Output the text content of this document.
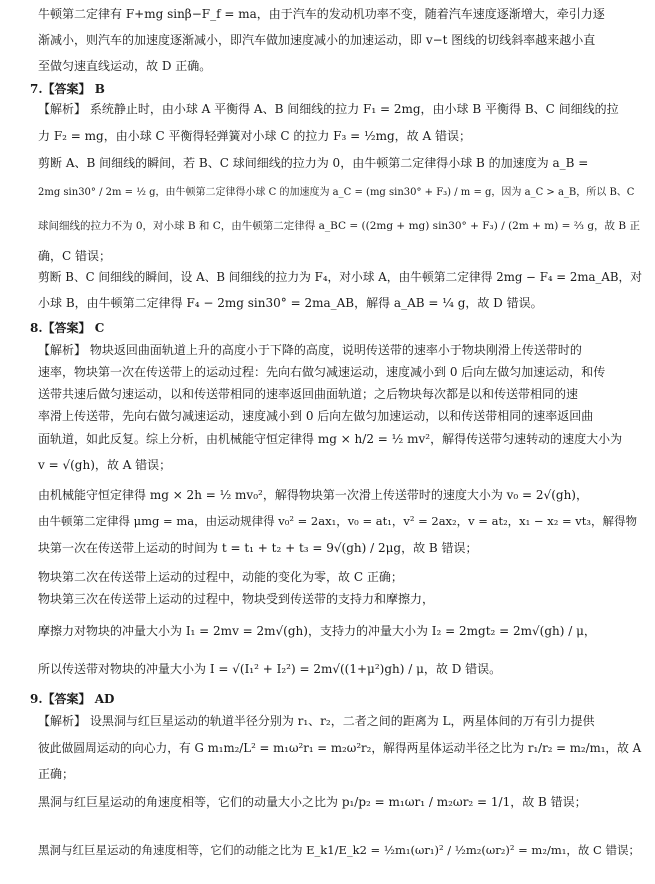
牛顿第二定律有 F+mg sinβ−F_f = ma，由于汽车的发动机功率不变，随着汽车速度逐渐增大，牵引力逐
渐减小，则汽车的加速度逐渐减小，即汽车做加速度减小的加速运动，即 v−t 图线的切线斜率越来越小直
至做匀速直线运动，故 D 正确。
7.【答案】 B
【解析】 系统静止时，由小球 A 平衡得 A、B 间细线的拉力 F₁ = 2mg，由小球 B 平衡得 B、C 间细线的拉
力 F₂ = mg，由小球 C 平衡得轻弹簧对小球 C 的拉力 F₃ = ½mg，故 A 错误；
剪断 A、B 间细线的瞬间，若 B、C 球间细线的拉力为 0，由牛顿第二定律得小球 B 的加速度为 a_B =
2mg sin30° / 2m = ½ g，由牛顿第二定律得小球 C 的加速度为 a_C = (mg sin30° + F₃) / m = g，因为 a_C > a_B，所以 B、C
球间细线的拉力不为 0，对小球 B 和 C，由牛顿第二定律得 a_BC = ((2mg + mg) sin30° + F₃) / (2m + m) = ⅔ g，故 B 正
确，C 错误；
剪断 B、C 间细线的瞬间，设 A、B 间细线的拉力为 F₄，对小球 A，由牛顿第二定律得 2mg − F₄ = 2ma_AB，对
小球 B，由牛顿第二定律得 F₄ − 2mg sin30° = 2ma_AB，解得 a_AB = ¼ g，故 D 错误。
8.【答案】 C
【解析】 物块返回曲面轨道上升的高度小于下降的高度，说明传送带的速率小于物块刚滑上传送带时的
速率，物块第一次在传送带上的运动过程：先向右做匀减速运动，速度减小到 0 后向左做匀加速运动，和传
送带共速后做匀速运动，以和传送带相同的速率返回曲面轨道；之后物块每次都是以和传送带相同的速
率滑上传送带，先向右做匀减速运动，速度减小到 0 后向左做匀加速运动，以和传送带相同的速率返回曲
面轨道，如此反复。综上分析，由机械能守恒定律得 mg × h/2 = ½ mv²，解得传送带匀速转动的速度大小为
v = √(gh)，故 A 错误；
由机械能守恒定律得 mg × 2h = ½ mv₀²，解得物块第一次滑上传送带时的速度大小为 v₀ = 2√(gh)，
由牛顿第二定律得 μmg = ma，由运动规律得 v₀² = 2ax₁，v₀ = at₁，v² = 2ax₂，v = at₂，x₁ − x₂ = vt₃，解得物
块第一次在传送带上运动的时间为 t = t₁ + t₂ + t₃ = 9√(gh) / 2μg，故 B 错误；
物块第二次在传送带上运动的过程中，动能的变化为零，故 C 正确；
物块第三次在传送带上运动的过程中，物块受到传送带的支持力和摩擦力，
摩擦力对物块的冲量大小为 I₁ = 2mv = 2m√(gh)，支持力的冲量大小为 I₂ = 2mgt₂ = 2m√(gh) / μ，
所以传送带对物块的冲量大小为 I = √(I₁² + I₂²) = 2m√((1+μ²)gh) / μ，故 D 错误。
9.【答案】 AD
【解析】 设黑洞与红巨星运动的轨道半径分别为 r₁、r₂，二者之间的距离为 L，两星体间的万有引力提供
彼此做圆周运动的向心力，有 G m₁m₂/L² = m₁ω²r₁ = m₂ω²r₂，解得两星体运动半径之比为 r₁/r₂ = m₂/m₁，故 A
正确；
黑洞与红巨星运动的角速度相等，它们的动量大小之比为 p₁/p₂ = m₁ωr₁ / m₂ωr₂ = 1/1，故 B 错误；
黑洞与红巨星运动的角速度相等，它们的动能之比为 E_k1/E_k2 = ½m₁(ωr₁)² / ½m₂(ωr₂)² = m₂/m₁，故 C 错误；
